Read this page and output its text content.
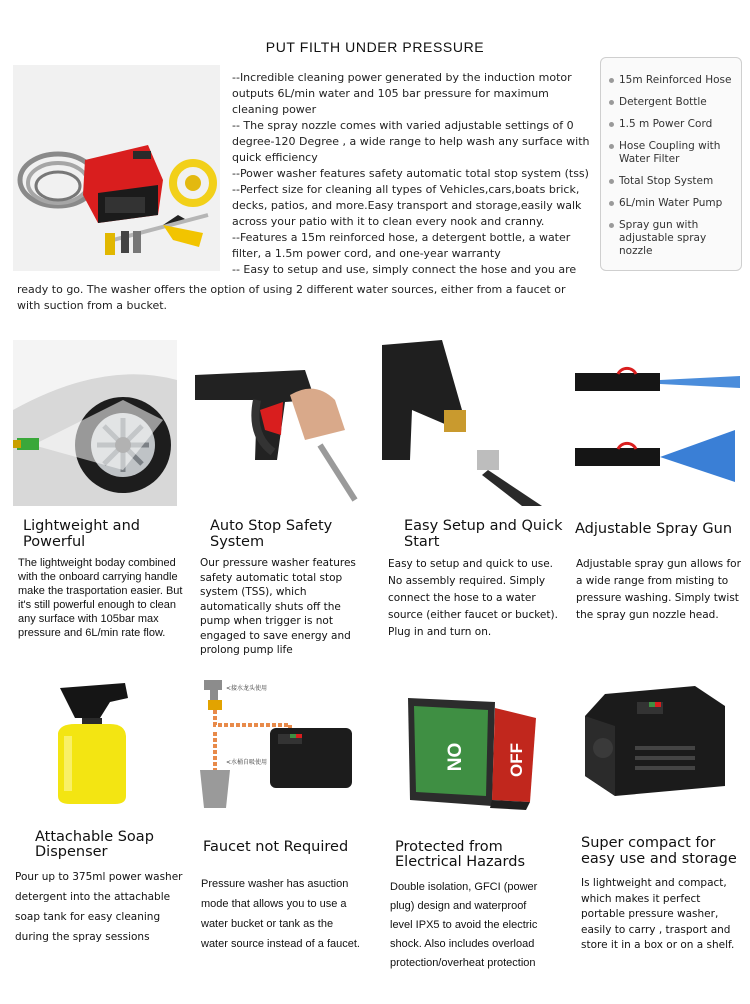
PUT FILTH UNDER PRESSURE

--Incredible cleaning power generated by the induction motor outputs 6L/min water and 105 bar pressure for maximum cleaning power

-- The spray nozzle comes with varied adjustable settings of 0 degree-120 Degree , a wide range to help wash any surface with quick efficiency

--Power washer features safety automatic total stop system (tss)

--Perfect size for cleaning all types of Vehicles,cars,boats brick, decks, patios, and more.Easy transport and storage,easily walk across your patio with it to clean every nook and cranny.

--Features a 15m reinforced hose, a detergent bottle, a water filter, a 1.5m power cord, and one-year warranty

-- Easy to setup and use, simply connect the hose and you are

ready to go. The washer offers the option of using 2 different water sources, either from a faucet or with suction from a bucket.
15m Reinforced Hose
Detergent Bottle
1.5 m Power Cord
Hose Coupling with Water Filter
Total Stop System
6L/min Water Pump
Spray gun with adjustable spray nozzle
Lightweight and Powerful
Auto Stop Safety System
Easy Setup and Quick Start
Adjustable Spray Gun
The lightweight boday combined with the onboard carrying handle make the trasportation easier. But it's still powerful enough to clean any surface with 105bar max pressure and 6L/min rate flow.
Our pressure washer features safety automatic total stop system (TSS), which automatically shuts off the pump when trigger is not engaged to save energy and prolong pump life
Easy to setup and quick to use. No assembly required. Simply connect the hose to a water source (either faucet or bucket). Plug in and turn on.
Adjustable spray gun allows for a wide range from misting to pressure washing. Simply twist the spray gun nozzle head.
<接水龙头使用
<水桶自吸使用	ON	OFF
Attachable Soap Dispenser	Faucet not Required	Protected from Electrical Hazards
Super compact for easy use and storage
Pour up to 375ml power washer detergent into the attachable soap tank for easy cleaning during the spray sessions
Pressure washer has asuction mode that allows you to use a water bucket or tank as the water source instead of a faucet.
Double isolation, GFCI (power plug) design and waterproof level IPX5 to avoid the electric shock. Also includes overload protection/overheat protection
Is lightweight and compact, which makes it perfect portable pressure washer, easily to carry , trasport and store it in a box or on a shelf.
